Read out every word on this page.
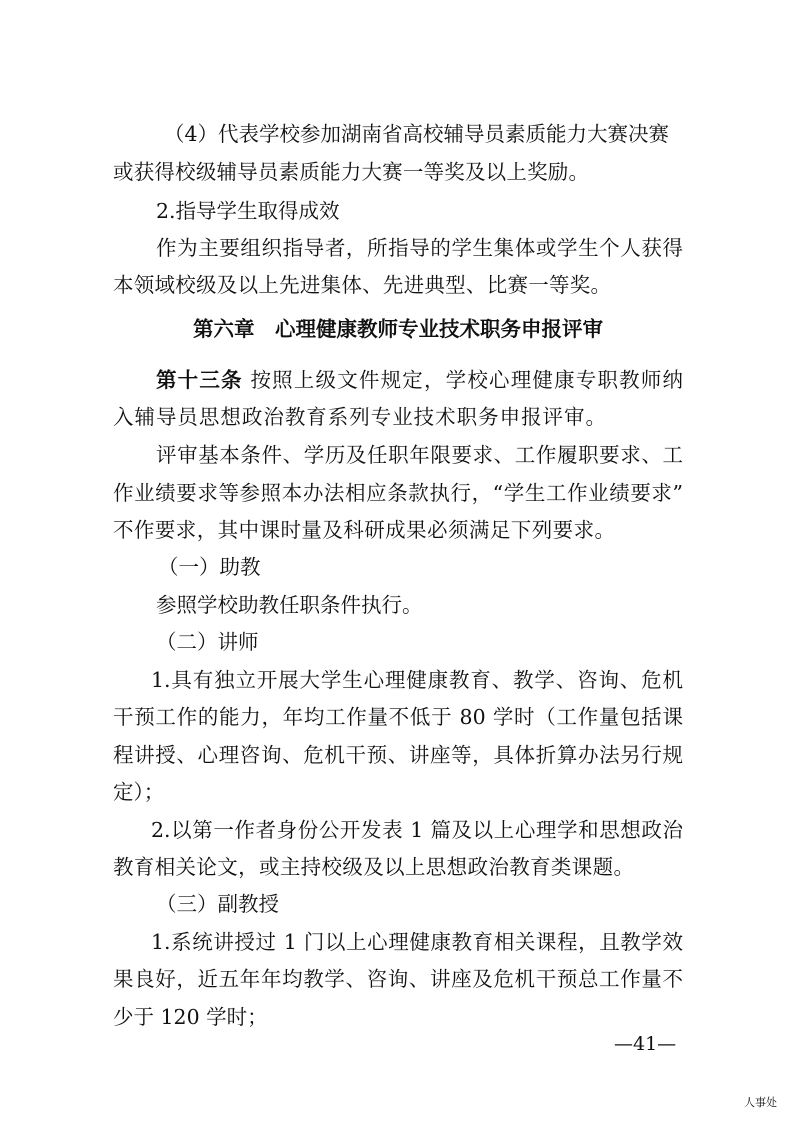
（4）代表学校参加湖南省高校辅导员素质能力大赛决赛
或获得校级辅导员素质能力大赛一等奖及以上奖励。
2.指导学生取得成效
作为主要组织指导者，所指导的学生集体或学生个人获得
本领域校级及以上先进集体、先进典型、比赛一等奖。
第六章　心理健康教师专业技术职务申报评审
第十三条 按照上级文件规定，学校心理健康专职教师纳
入辅导员思想政治教育系列专业技术职务申报评审。
评审基本条件、学历及任职年限要求、工作履职要求、工
作业绩要求等参照本办法相应条款执行，“学生工作业绩要求”
不作要求，其中课时量及科研成果必须满足下列要求。
（一）助教
参照学校助教任职条件执行。
（二）讲师
1.具有独立开展大学生心理健康教育、教学、咨询、危机
干预工作的能力，年均工作量不低于 80 学时（工作量包括课
程讲授、心理咨询、危机干预、讲座等，具体折算办法另行规
定）；
2.以第一作者身份公开发表 1 篇及以上心理学和思想政治
教育相关论文，或主持校级及以上思想政治教育类课题。
（三）副教授
1.系统讲授过 1 门以上心理健康教育相关课程，且教学效
果良好，近五年年均教学、咨询、讲座及危机干预总工作量不
少于 120 学时；
—41—
人事处
